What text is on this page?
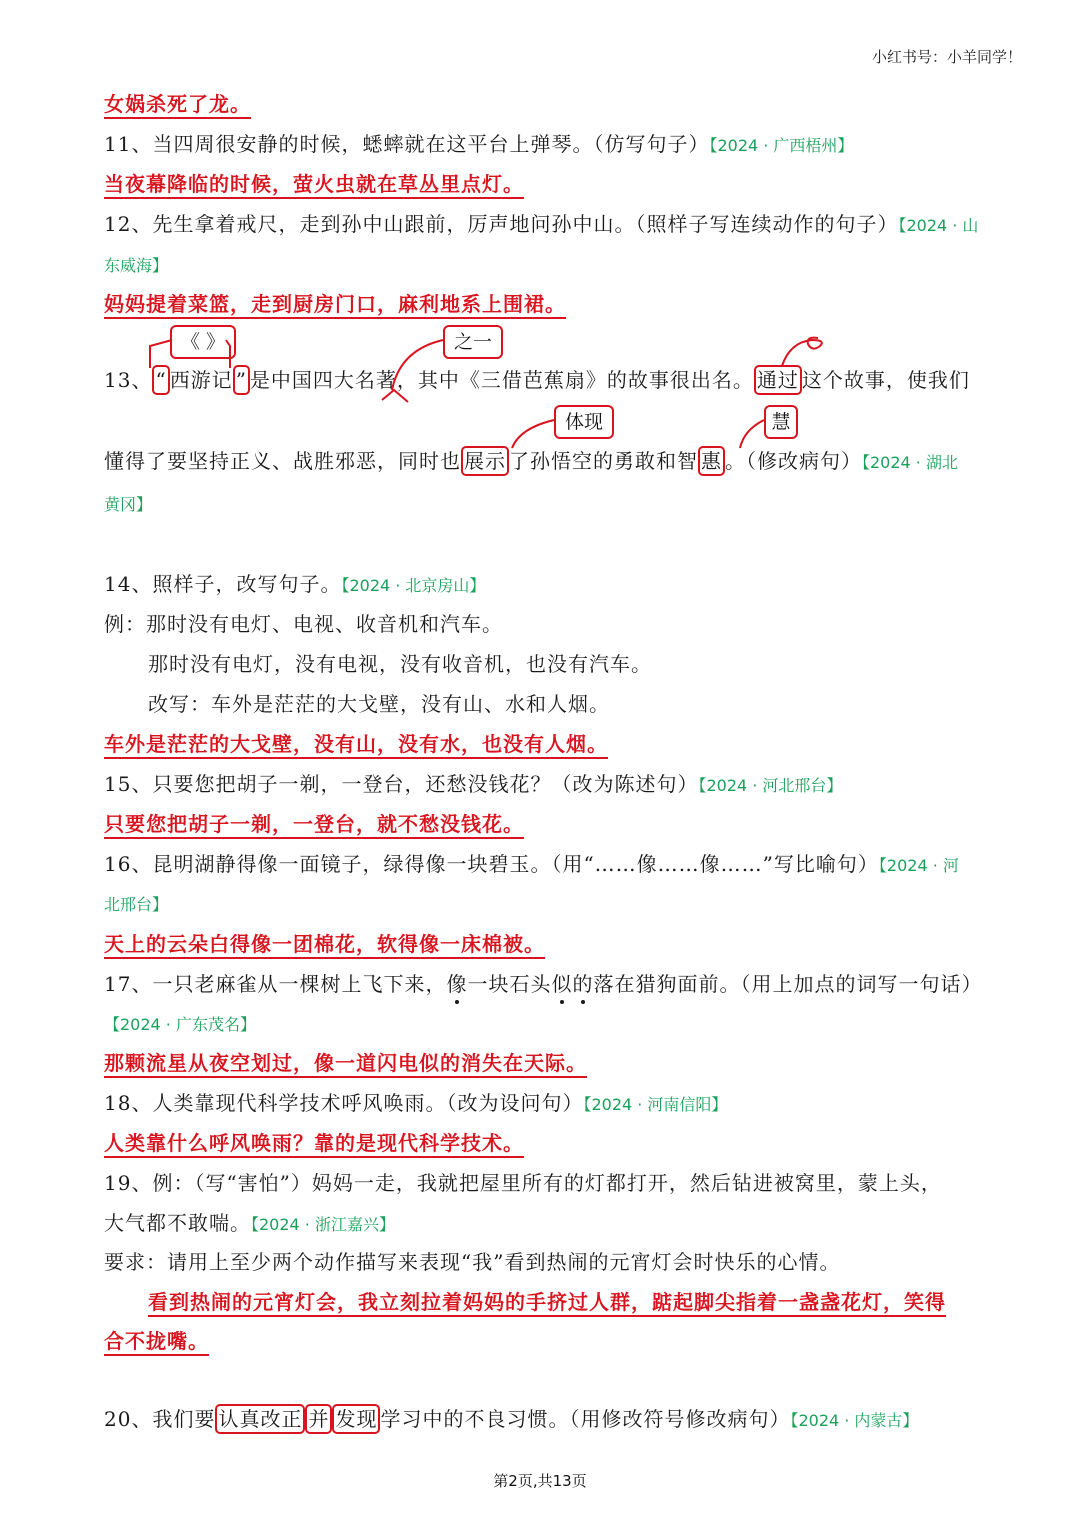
小红书号：小羊同学！
第2页,共13页
女娲杀死了龙。
11、当四周很安静的时候，蟋蟀就在这平台上弹琴。（仿写句子）【2024 · 广西梧州】
当夜幕降临的时候，萤火虫就在草丛里点灯。
12、先生拿着戒尺，走到孙中山跟前，厉声地问孙中山。（照样子写连续动作的句子）【2024 · 山
东威海】
妈妈提着菜篮，走到厨房门口，麻利地系上围裙。
《 》	之一
13、 “ 西游记 ” 是中国四大名著，其中《三借芭蕉扇》的故事很出名。 通过 这个故事，使我们
体现	慧
懂得了要坚持正义、战胜邪恶，同时也 展示 了孙悟空的勇敢和智 惠 。（修改病句）【2024 · 湖北
黄冈】
14、照样子，改写句子。【2024 · 北京房山】
例：那时没有电灯、电视、收音机和汽车。
那时没有电灯，没有电视，没有收音机，也没有汽车。
改写：车外是茫茫的大戈壁，没有山、水和人烟。
车外是茫茫的大戈壁，没有山，没有水，也没有人烟。
15、只要您把胡子一剃，一登台，还愁没钱花？（改为陈述句）【2024 · 河北邢台】
只要您把胡子一剃，一登台，就不愁没钱花。
16、昆明湖静得像一面镜子，绿得像一块碧玉。（用“……像……像……”写比喻句）【2024 · 河
北邢台】
天上的云朵白得像一团棉花，软得像一床棉被。
17、一只老麻雀从一棵树上飞下来，像一块石头似的落在猎狗面前。（用上加点的词写一句话）
【2024 · 广东茂名】
那颗流星从夜空划过，像一道闪电似的消失在天际。
18、人类靠现代科学技术呼风唤雨。（改为设问句）【2024 · 河南信阳】
人类靠什么呼风唤雨？靠的是现代科学技术。
19、例：（写“害怕”）妈妈一走，我就把屋里所有的灯都打开，然后钻进被窝里，蒙上头，
大气都不敢喘。【2024 · 浙江嘉兴】
要求：请用上至少两个动作描写来表现“我”看到热闹的元宵灯会时快乐的心情。
看到热闹的元宵灯会，我立刻拉着妈妈的手挤过人群，踮起脚尖指着一盏盏花灯，笑得
合不拢嘴。
20、我们要 认真改正 并 发现 学习中的不良习惯。（用修改符号修改病句）【2024 · 内蒙古】
